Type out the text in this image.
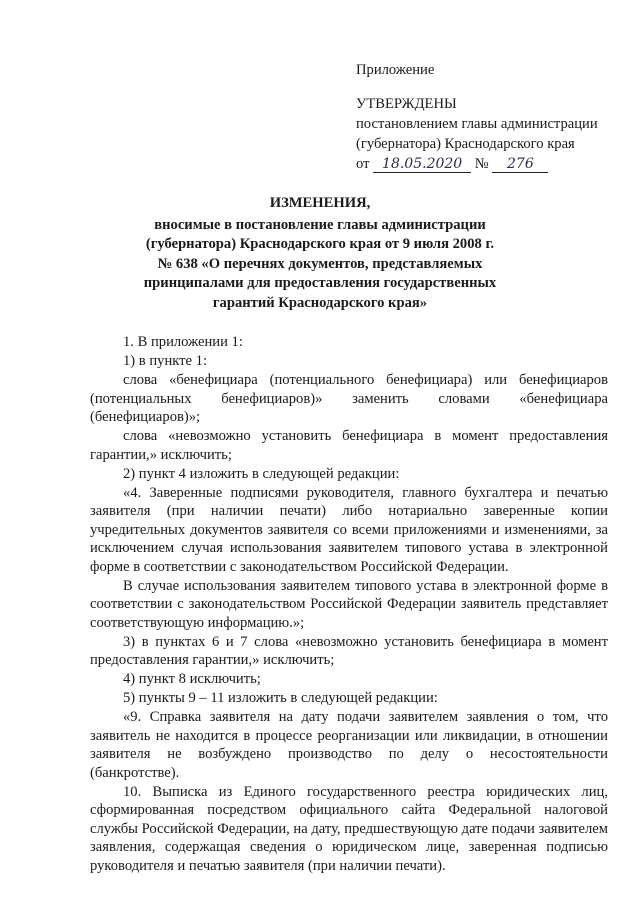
Приложение
УТВЕРЖДЕНЫ
постановлением главы администрации
(губернатора) Краснодарского края
от 18.05.2020 № 276
ИЗМЕНЕНИЯ,
вносимые в постановление главы администрации
(губернатора) Краснодарского края от 9 июля 2008 г.
№ 638 «О перечнях документов, представляемых
принципалами для предоставления государственных
гарантий Краснодарского края»

1. В приложении 1:

1) в пункте 1:

слова «бенефициара (потенциального бенефициара) или бенефициаров (потенциальных бенефициаров)» заменить словами «бенефициара (бенефициаров)»;

слова «невозможно установить бенефициара в момент предоставления гарантии,» исключить;

2) пункт 4 изложить в следующей редакции:

«4. Заверенные подписями руководителя, главного бухгалтера и печатью заявителя (при наличии печати) либо нотариально заверенные копии учредительных документов заявителя со всеми приложениями и изменениями, за исключением случая использования заявителем типового устава в электронной форме в соответствии с законодательством Российской Федерации.

В случае использования заявителем типового устава в электронной форме в соответствии с законодательством Российской Федерации заявитель представляет соответствующую информацию.»;

3) в пунктах 6 и 7 слова «невозможно установить бенефициара в момент предоставления гарантии,» исключить;

4) пункт 8 исключить;

5) пункты 9 – 11 изложить в следующей редакции:

«9. Справка заявителя на дату подачи заявителем заявления о том, что заявитель не находится в процессе реорганизации или ликвидации, в отношении заявителя не возбуждено производство по делу о несостоятельности (банкротстве).

10. Выписка из Единого государственного реестра юридических лиц, сформированная посредством официального сайта Федеральной налоговой службы Российской Федерации, на дату, предшествующую дате подачи заявителем заявления, содержащая сведения о юридическом лице, заверенная подписью руководителя и печатью заявителя (при наличии печати).
